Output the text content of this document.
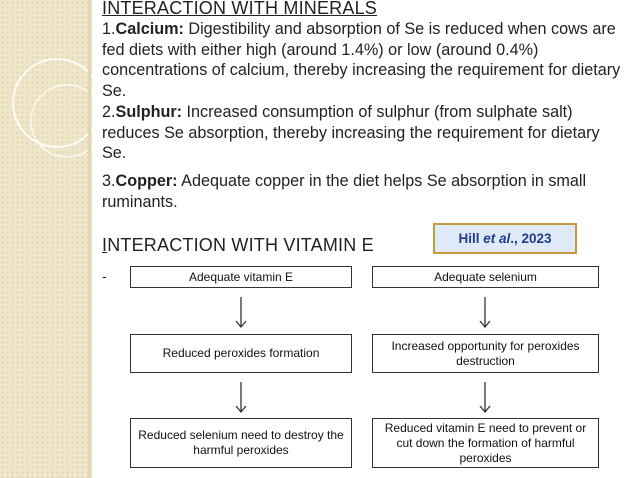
INTERACTION WITH MINERALS
1.Calcium: Digestibility and absorption of Se is reduced when cows are fed diets with either high (around 1.4%) or low (around 0.4%) concentrations of calcium, thereby increasing the requirement for dietary Se.
2.Sulphur: Increased consumption of sulphur (from sulphate salt) reduces Se absorption, thereby increasing the requirement for dietary Se.
3.Copper: Adequate copper in the diet helps Se absorption in small ruminants.
INTERACTION WITH VITAMIN E	Hill et al., 2023
-	Adequate vitamin E	Adequate selenium
Reduced peroxides formation
Increased opportunity for peroxides destruction
Reduced selenium need to destroy the harmful peroxides
Reduced vitamin E need to prevent or cut down the formation of harmful peroxides
